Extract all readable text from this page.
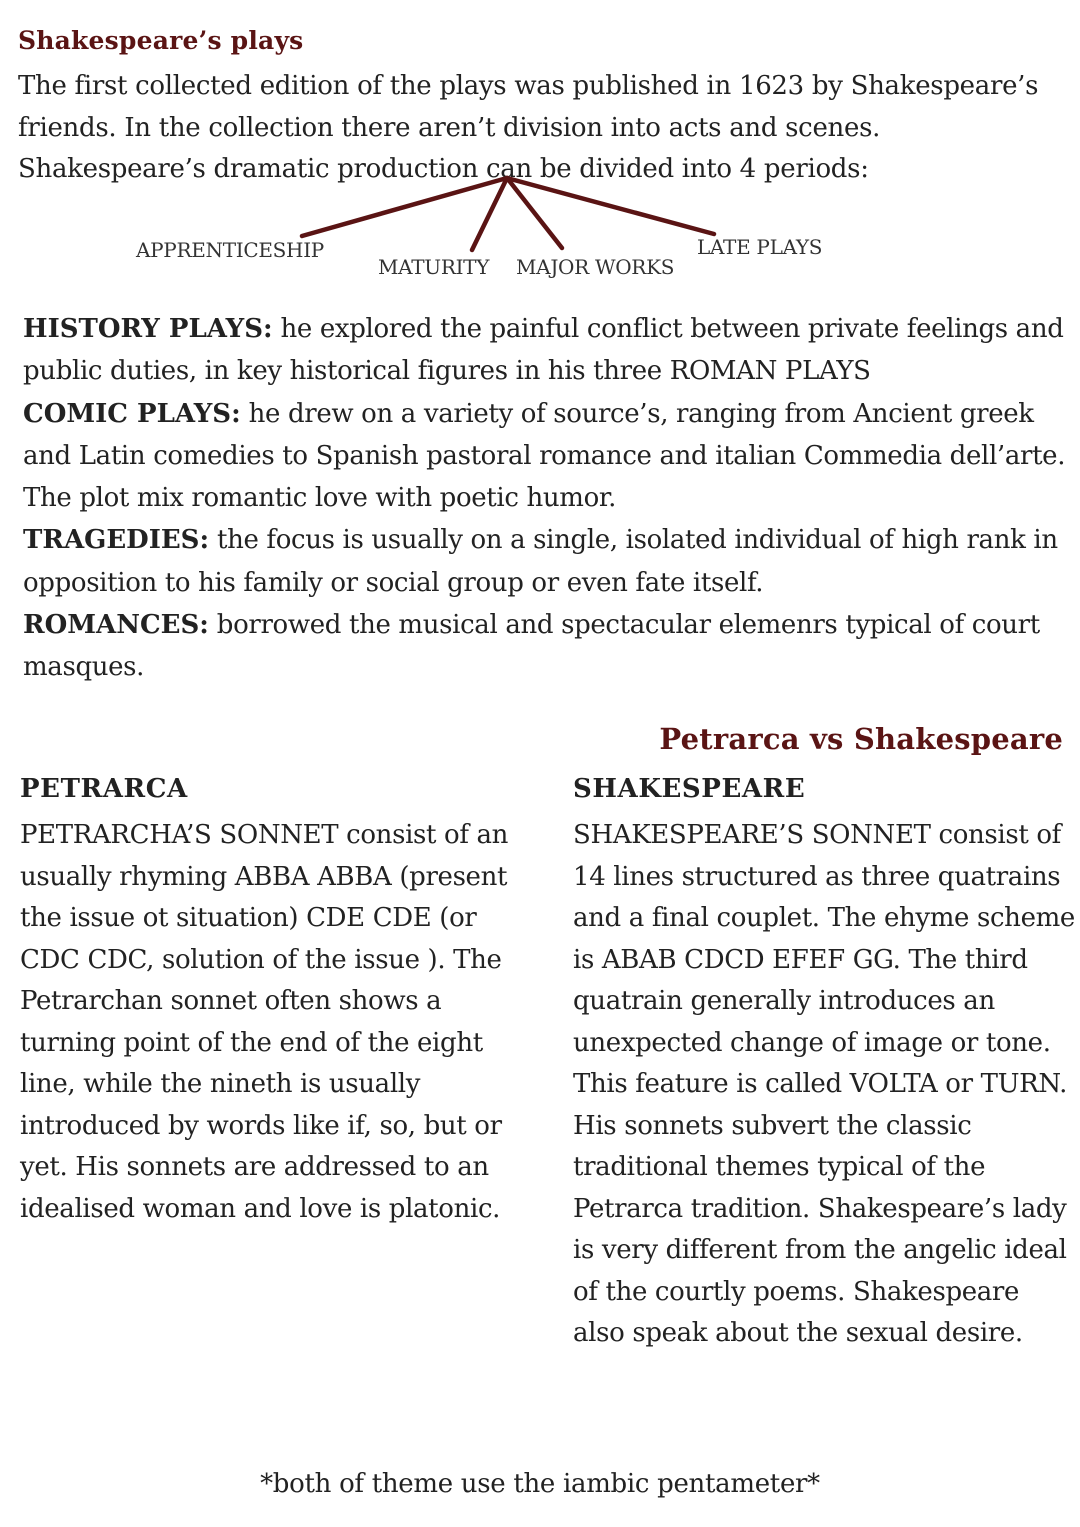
Shakespeare’s plays

The first collected edition of the plays was published in 1623 by Shakespeare’s friends. In the collection there aren’t division into acts and scenes. Shakespeare’s dramatic production can be divided into 4 periods:

APPRENTICESHIP
MATURITY MAJOR WORKS
LATE PLAYS

HISTORY PLAYS: he explored the painful conflict between private feelings and public duties, in key historical figures in his three ROMAN PLAYS

COMIC PLAYS: he drew on a variety of source’s, ranging from Ancient greek and Latin comedies to Spanish pastoral romance and italian Commedia dell’arte. The plot mix romantic love with poetic humor.

TRAGEDIES: the focus is usually on a single, isolated individual of high rank in opposition to his family or social group or even fate itself.

ROMANCES: borrowed the musical and spectacular elemenrs typical of court masques.

Petrarca vs Shakespeare
PETRARCA

PETRARCHA’S SONNET consist of an usually rhyming ABBA ABBA (present the issue ot situation) CDE CDE (or CDC CDC, solution of the issue ). The Petrarchan sonnet often shows a turning point of the end of the eight line, while the nineth is usually introduced by words like if, so, but or yet. His sonnets are addressed to an idealised woman and love is platonic.

SHAKESPEARE

SHAKESPEARE’S SONNET consist of 14 lines structured as three quatrains and a final couplet. The ehyme scheme is ABAB CDCD EFEF GG. The third quatrain generally introduces an unexpected change of image or tone. This feature is called VOLTA or TURN. His sonnets subvert the classic traditional themes typical of the Petrarca tradition. Shakespeare’s lady is very different from the angelic ideal of the courtly poems. Shakespeare also speak about the sexual desire.

*both of theme use the iambic pentameter*
